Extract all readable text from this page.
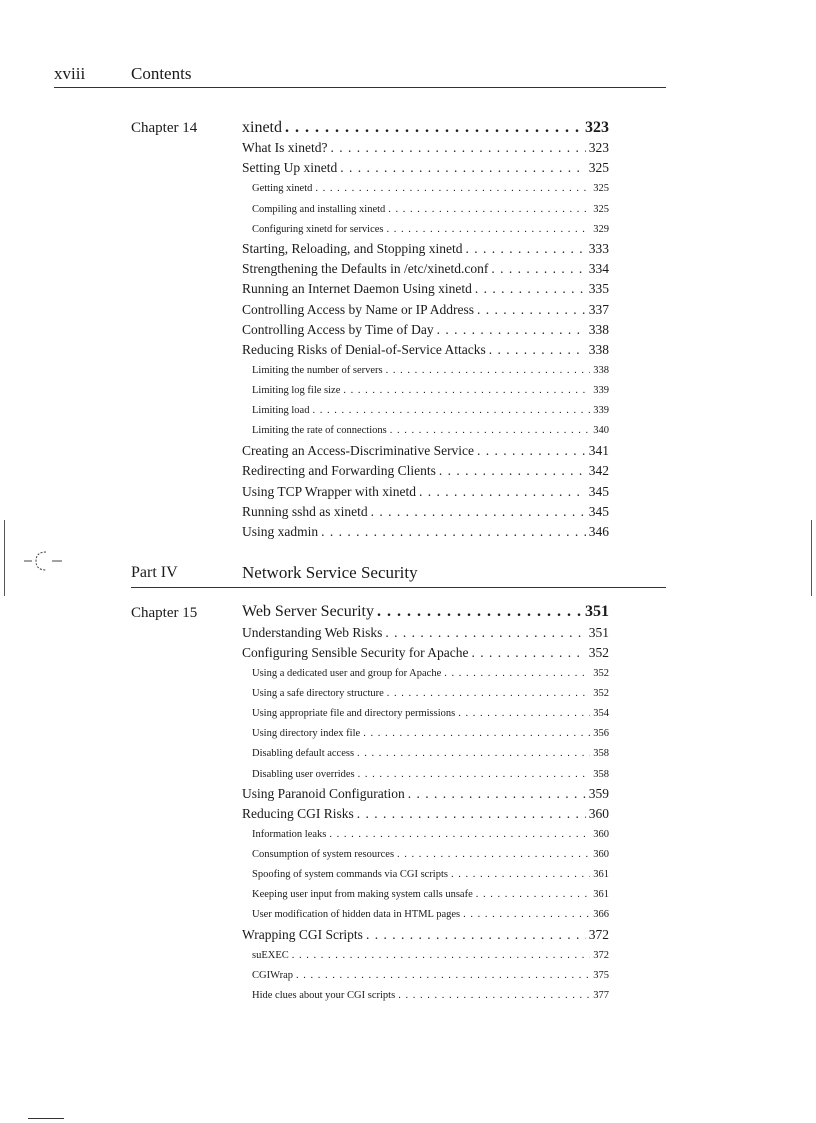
xviii	Contents
Chapter 14	xinetd . . .	323
What Is xinetd? . . .	323
Setting Up xinetd . . .	325
Getting xinetd . . .	325
Compiling and installing xinetd . . .	325
Configuring xinetd for services . . .	329
Starting, Reloading, and Stopping xinetd . . .	333
Strengthening the Defaults in /etc/xinetd.conf . . .	334
Running an Internet Daemon Using xinetd . . .	335
Controlling Access by Name or IP Address . . .	337
Controlling Access by Time of Day . . .	338
Reducing Risks of Denial-of-Service Attacks . . .	338
Limiting the number of servers . . .	338
Limiting log file size . . .	339
Limiting load . . .	339
Limiting the rate of connections . . .	340
Creating an Access-Discriminative Service . . .	341
Redirecting and Forwarding Clients . . .	342
Using TCP Wrapper with xinetd . . .	345
Running sshd as xinetd . . .	345
Using xadmin . . .	346
Part IV	Network Service Security
Chapter 15	Web Server Security . . .	351
Understanding Web Risks . . .	351
Configuring Sensible Security for Apache . . .	352
Using a dedicated user and group for Apache . . .	352
Using a safe directory structure . . .	352
Using appropriate file and directory permissions . . .	354
Using directory index file . . .	356
Disabling default access . . .	358
Disabling user overrides . . .	358
Using Paranoid Configuration . . .	359
Reducing CGI Risks . . .	360
Information leaks . . .	360
Consumption of system resources . . .	360
Spoofing of system commands via CGI scripts . . .	361
Keeping user input from making system calls unsafe . . .	361
User modification of hidden data in HTML pages . . .	366
Wrapping CGI Scripts . . .	372
suEXEC . . .	372
CGIWrap . . .	375
Hide clues about your CGI scripts . . .	377
